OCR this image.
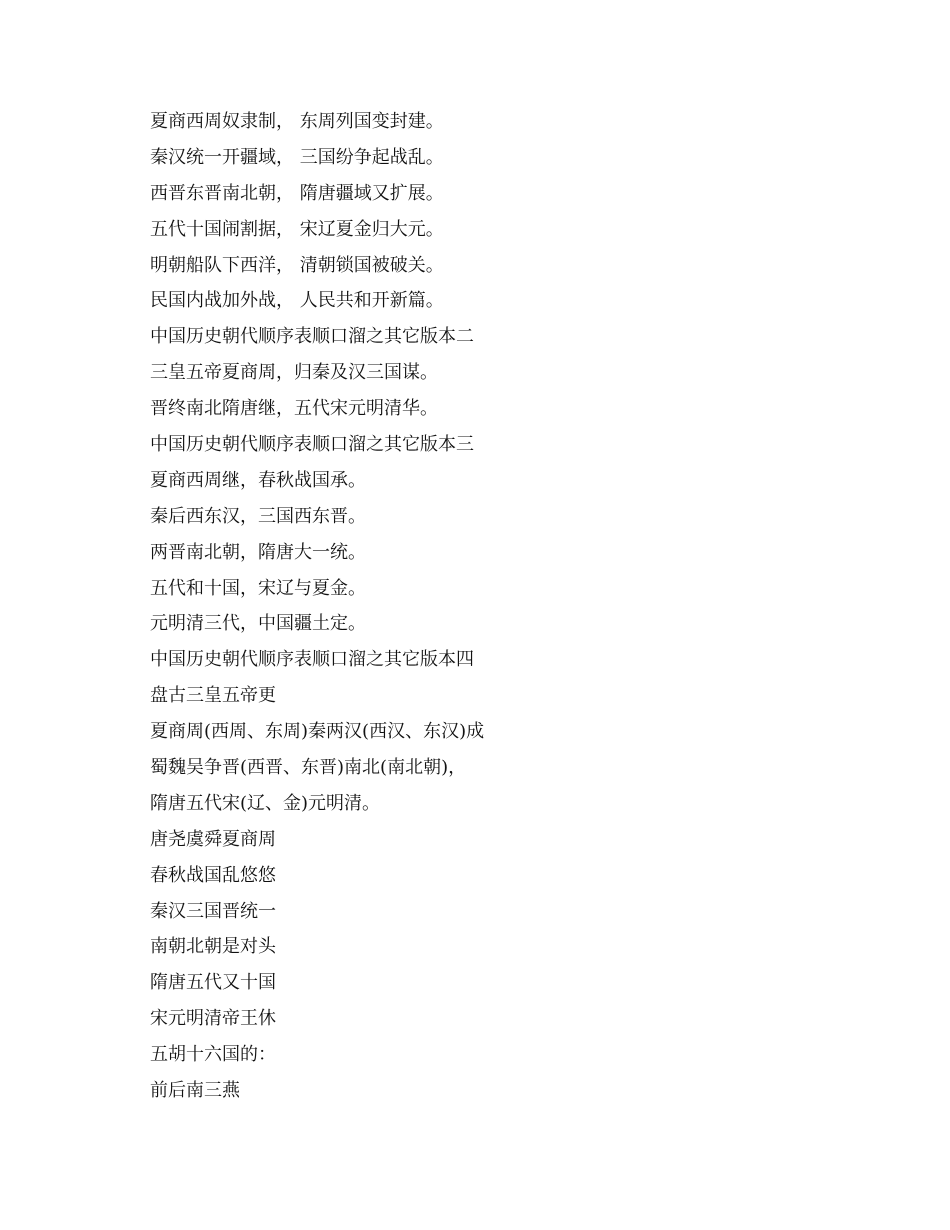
夏商西周奴隶制， 东周列国变封建。
秦汉统一开疆域， 三国纷争起战乱。
西晋东晋南北朝， 隋唐疆域又扩展。
五代十国闹割据， 宋辽夏金归大元。
明朝船队下西洋， 清朝锁国被破关。
民国内战加外战， 人民共和开新篇。
中国历史朝代顺序表顺口溜之其它版本二
三皇五帝夏商周，归秦及汉三国谋。
晋终南北隋唐继，五代宋元明清华。
中国历史朝代顺序表顺口溜之其它版本三
夏商西周继，春秋战国承。
秦后西东汉，三国西东晋。
两晋南北朝，隋唐大一统。
五代和十国，宋辽与夏金。
元明清三代，中国疆土定。
中国历史朝代顺序表顺口溜之其它版本四
盘古三皇五帝更
夏商周(西周、东周)秦两汉(西汉、东汉)成
蜀魏吴争晋(西晋、东晋)南北(南北朝)，
隋唐五代宋(辽、金)元明清。
唐尧虞舜夏商周
春秋战国乱悠悠
秦汉三国晋统一
南朝北朝是对头
隋唐五代又十国
宋元明清帝王休
五胡十六国的：
前后南三燕
